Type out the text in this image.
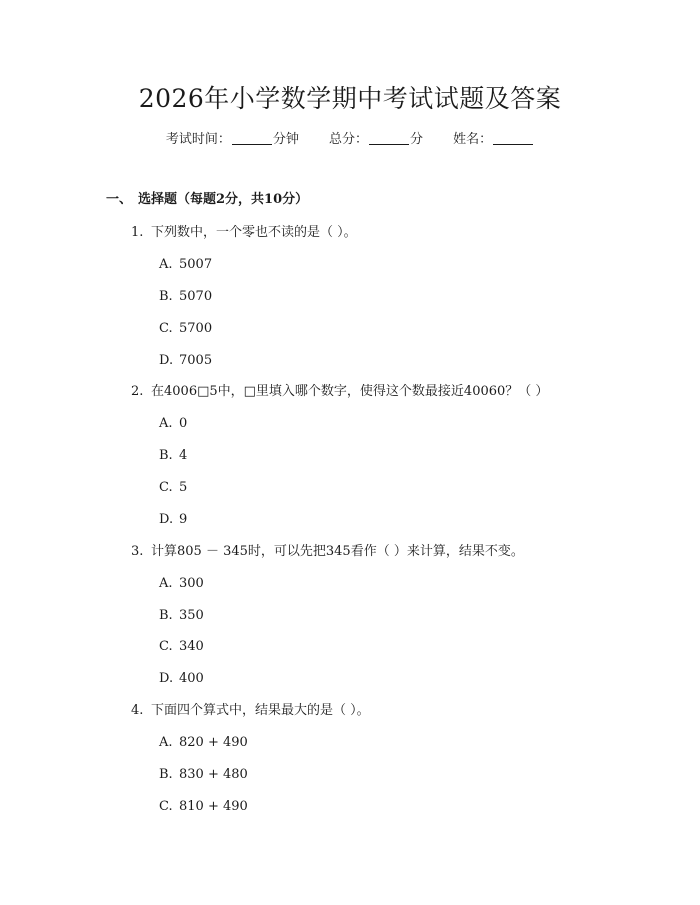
2026年小学数学期中考试试题及答案
考试时间：	分钟 总分：	分 姓名：
一、 选择题（每题2分，共10分）
1. 下列数中，一个零也不读的是（ ）。
A. 5007
B. 5070
C. 5700
D. 7005
2. 在4006□5中，□里填入哪个数字，使得这个数最接近40060？（ ）
A. 0
B. 4
C. 5
D. 9
3. 计算805 － 345时，可以先把345看作（ ）来计算，结果不变。
A. 300
B. 350
C. 340
D. 400
4. 下面四个算式中，结果最大的是（ ）。
A. 820 + 490
B. 830 + 480
C. 810 + 490
